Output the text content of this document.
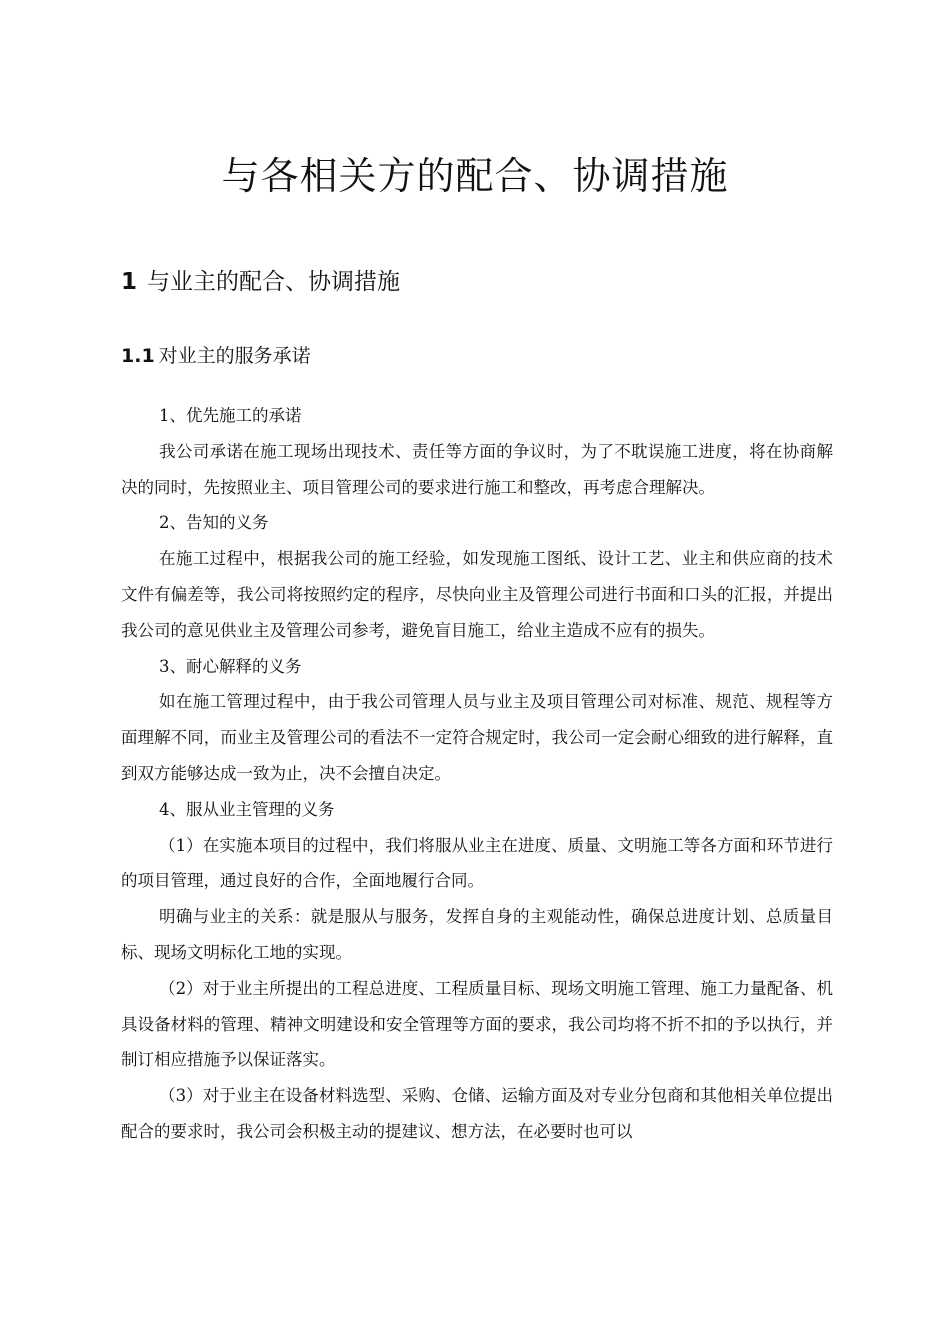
与各相关方的配合、协调措施
1 与业主的配合、协调措施
1.1 对业主的服务承诺

1、优先施工的承诺

我公司承诺在施工现场出现技术、责任等方面的争议时，为了不耽误施工进度，将在协商解决的同时，先按照业主、项目管理公司的要求进行施工和整改，再考虑合理解决。

2、告知的义务

在施工过程中，根据我公司的施工经验，如发现施工图纸、设计工艺、业主和供应商的技术文件有偏差等，我公司将按照约定的程序，尽快向业主及管理公司进行书面和口头的汇报，并提出我公司的意见供业主及管理公司参考，避免盲目施工，给业主造成不应有的损失。

3、耐心解释的义务

如在施工管理过程中，由于我公司管理人员与业主及项目管理公司对标准、规范、规程等方面理解不同，而业主及管理公司的看法不一定符合规定时，我公司一定会耐心细致的进行解释，直到双方能够达成一致为止，决不会擅自决定。

4、服从业主管理的义务

（1）在实施本项目的过程中，我们将服从业主在进度、质量、文明施工等各方面和环节进行的项目管理，通过良好的合作，全面地履行合同。

明确与业主的关系：就是服从与服务，发挥自身的主观能动性，确保总进度计划、总质量目标、现场文明标化工地的实现。

（2）对于业主所提出的工程总进度、工程质量目标、现场文明施工管理、施工力量配备、机具设备材料的管理、精神文明建设和安全管理等方面的要求，我公司均将不折不扣的予以执行，并制订相应措施予以保证落实。

（3）对于业主在设备材料选型、采购、仓储、运输方面及对专业分包商和其他相关单位提出配合的要求时，我公司会积极主动的提建议、想方法，在必要时也可以
